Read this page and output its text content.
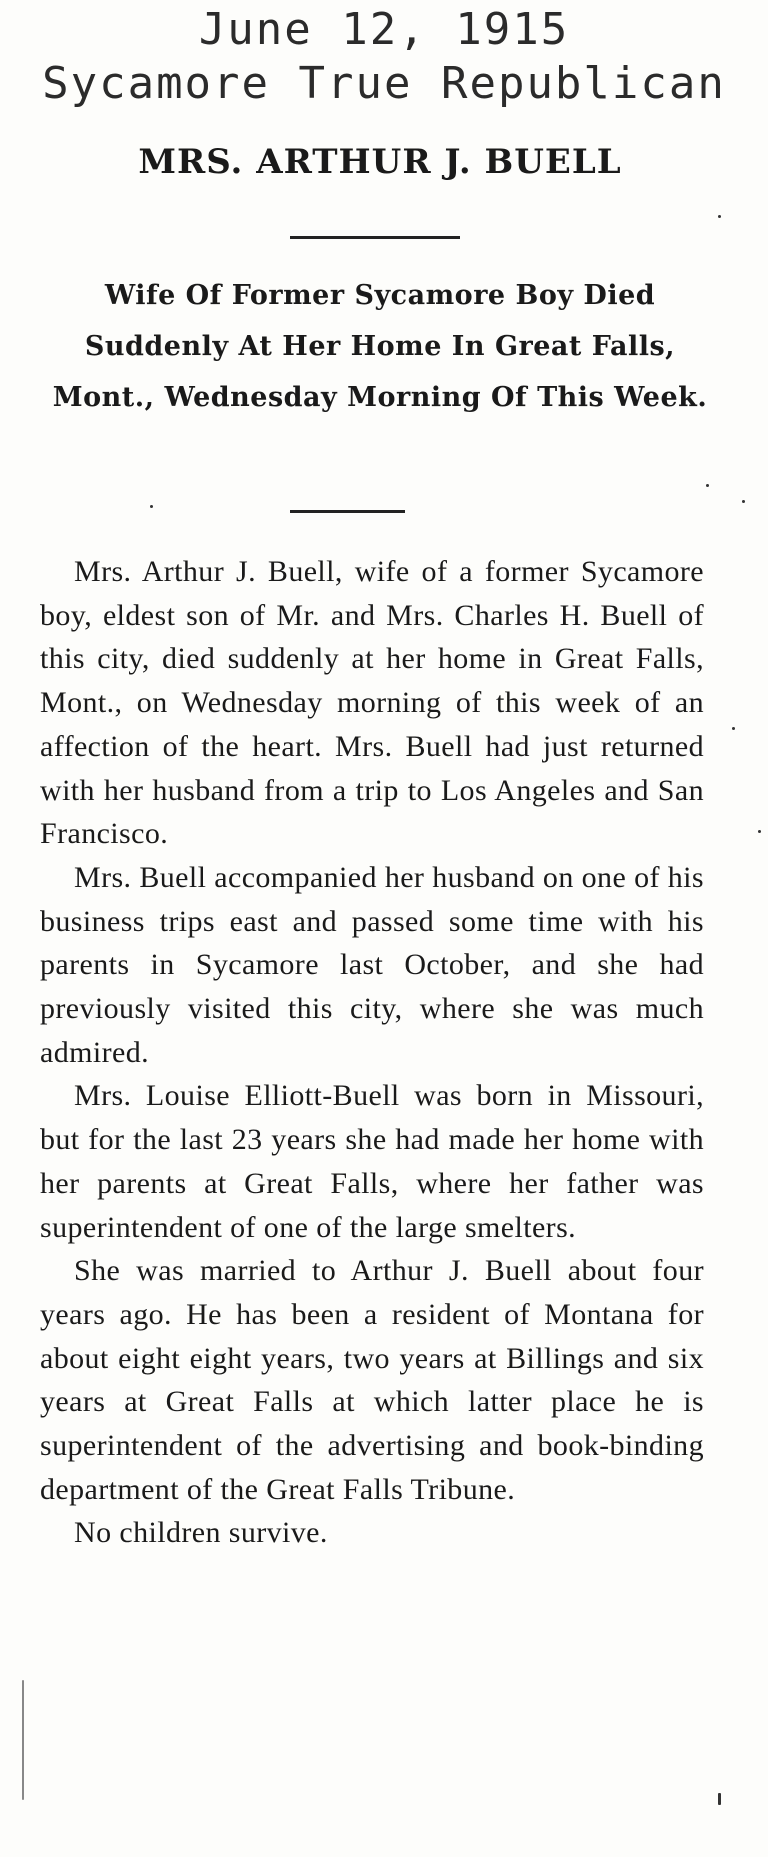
June 12, 1915
Sycamore True Republican
MRS. ARTHUR J. BUELL
Wife Of Former Sycamore Boy Died Suddenly At Her Home In Great Falls, Mont., Wednesday Morning Of This Week.

Mrs. Arthur J. Buell, wife of a former Sycamore boy, eldest son of Mr. and Mrs. Charles H. Buell of this city, died suddenly at her home in Great Falls, Mont., on Wednesday morning of this week of an affection of the heart. Mrs. Buell had just returned with her husband from a trip to Los Angeles and San Francisco.

Mrs. Buell accompanied her husband on one of his business trips east and passed some time with his parents in Sycamore last October, and she had previously visited this city, where she was much admired.

Mrs. Louise Elliott-Buell was born in Missouri, but for the last 23 years she had made her home with her parents at Great Falls, where her father was superintendent of one of the large smelters.

She was married to Arthur J. Buell about four years ago. He has been a resident of Montana for about eight eight years, two years at Billings and six years at Great Falls at which latter place he is superintendent of the advertising and book-binding department of the Great Falls Tribune.

No children survive.
